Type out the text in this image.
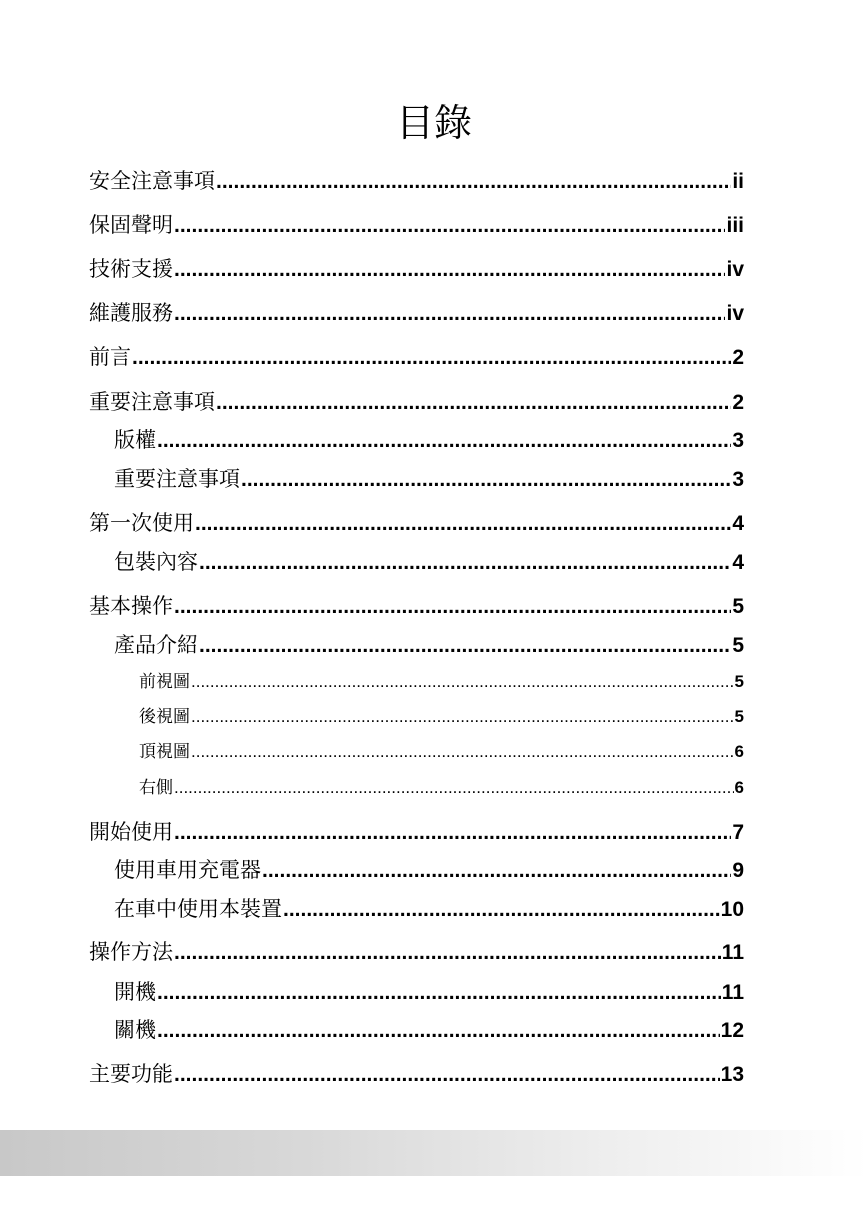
目錄
安全注意事項 .....	ii
保固聲明 .....	iii
技術支援 .....	iv
維護服務 .....	iv
前言 .....	2
重要注意事項 .....	2
版權 .....	3
重要注意事項 .....	3
第一次使用 .....	4
包裝內容 .....	4
基本操作 .....	5
產品介紹 .....	5
前視圖 .....	5
後視圖 .....	5
頂視圖 .....	6
右側 .....	6
開始使用 .....	7
使用車用充電器 .....	9
在車中使用本裝置 .....	10
操作方法 .....	11
開機 .....	11
關機 .....	12
主要功能 .....	13
